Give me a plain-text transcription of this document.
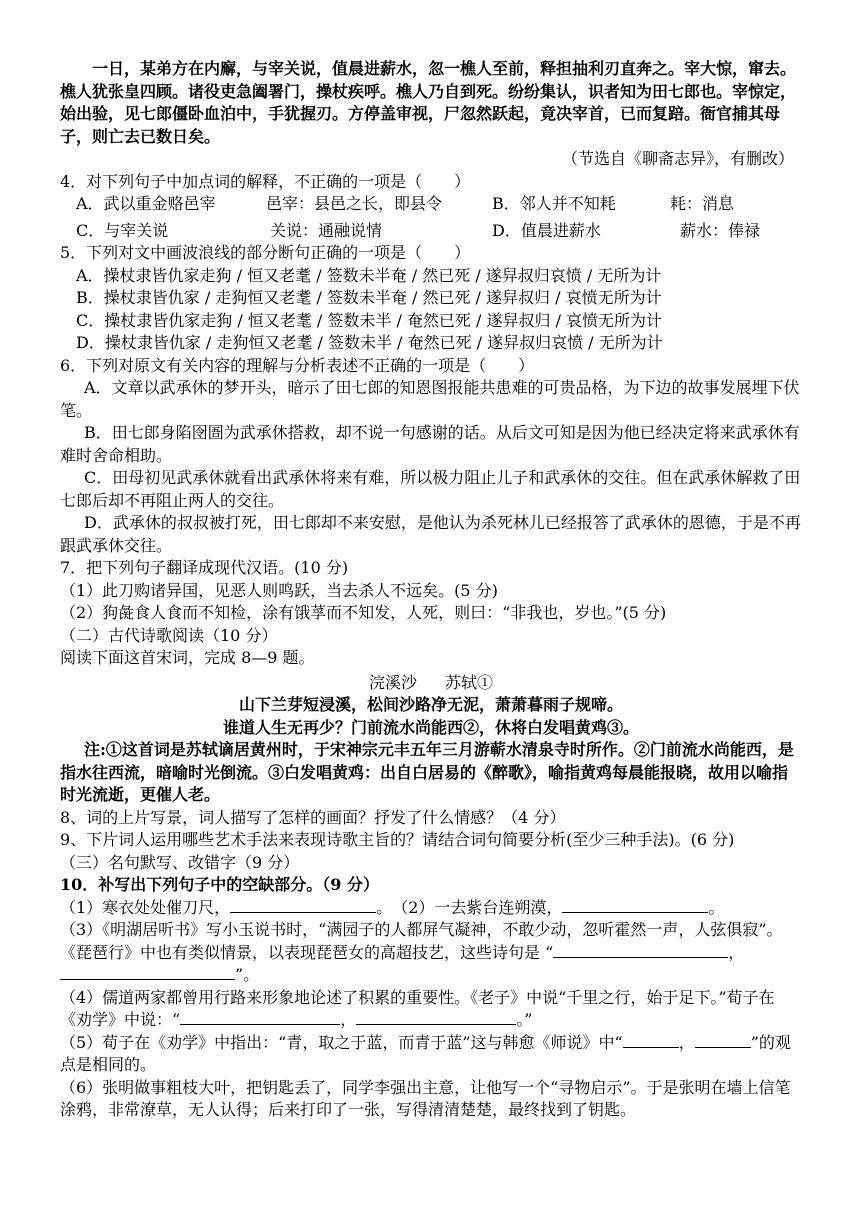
一日，某弟方在内廨，与宰关说，值晨进薪水，忽一樵人至前，释担抽利刃直奔之。宰大惊，窜去。樵人犹张皇四顾。诸役吏急阖署门，操杖疾呼。樵人乃自到死。纷纷集认，识者知为田七郎也。宰惊定，始出验，见七郎僵卧血泊中，手犹握刃。方停盖审视，尸忽然跃起，竟决宰首，已而复踣。衙官捕其母子，则亡去已数日矣。

（节选自《聊斋志异》，有删改）

4．对下列句子中加点词的解释，不正确的一项是（　　）

A．武以重金赂邑宰	邑宰：县邑之长，即县令	B．邻人并不知耗	耗：消息
C．与宰关说	关说：通融说情	D．值晨进薪水	薪水：俸禄

5．下列对文中画波浪线的部分断句正确的一项是（　　）

A．操杖隶皆仇家走狗 / 恒又老耄 / 签数未半奄 / 然已死 / 遂舁叔归哀愤 / 无所为计

B．操杖隶皆仇家 / 走狗恒又老耄 / 签数未半奄 / 然已死 / 遂舁叔归 / 哀愤无所为计

C．操杖隶皆仇家走狗 / 恒又老耄 / 签数未半 / 奄然已死 / 遂舁叔归 / 哀愤无所为计

D．操杖隶皆仇家 / 走狗恒又老耄 / 签数未半 / 奄然已死 / 遂舁叔归哀愤 / 无所为计

6．下列对原文有关内容的理解与分析表述不正确的一项是（　　）

A．文章以武承休的梦开头，暗示了田七郎的知恩图报能共患难的可贵品格，为下边的故事发展埋下伏笔。

B．田七郎身陷囹圄为武承休搭救，却不说一句感谢的话。从后文可知是因为他已经决定将来武承休有难时舍命相助。

C．田母初见武承休就看出武承休将来有难，所以极力阻止儿子和武承休的交往。但在武承休解救了田七郎后却不再阻止两人的交往。

D．武承休的叔叔被打死，田七郎却不来安慰，是他认为杀死林儿已经报答了武承休的恩德，于是不再跟武承休交往。

7．把下列句子翻译成现代汉语。(10 分)

（1）此刀购诸异国，见恶人则鸣跃，当去杀人不远矣。(5 分)

（2）狗彘食人食而不知检，涂有饿莩而不知发，人死，则曰：“非我也，岁也。”(5 分)

（二）古代诗歌阅读（10 分）

阅读下面这首宋词，完成 8—9 题。

浣溪沙 苏轼①

山下兰芽短浸溪，松间沙路净无泥，萧萧暮雨子规啼。

谁道人生无再少？门前流水尚能西②，休将白发唱黄鸡③。

注:①这首词是苏轼谪居黄州时，于宋神宗元丰五年三月游蕲水清泉寺时所作。②门前流水尚能西，是指水往西流，暗喻时光倒流。③白发唱黄鸡：出自白居易的《醉歌》，喻指黄鸡每晨能报晓，故用以喻指时光流逝，更催人老。

8、词的上片写景，词人描写了怎样的画面？抒发了什么情感？（4 分）

9、下片词人运用哪些艺术手法来表现诗歌主旨的？请结合词句简要分析(至少三种手法)。(6 分)

（三）名句默写、改错字（9 分）

10．补写出下列句子中的空缺部分。（9 分）

（1）寒衣处处催刀尺，	。　（2）一去紫台连朔漠，	。

（3）《明湖居听书》写小玉说书时，“满园子的人都屏气凝神，不敢少动，忽听霍然一声，人弦俱寂”。《琵琶行》中也有类似情景，以表现琵琶女的高超技艺，这些诗句是 “	，”。

（4）儒道两家都曾用行路来形象地论述了积累的重要性。《老子》中说“千里之行，始于足下。”荀子在《劝学》中说：“	，	。”

（5）荀子在《劝学》中指出：“青，取之于蓝，而青于蓝”这与韩愈《师说》中“	，	”的观点是相同的。

（6）张明做事粗枝大叶，把钥匙丢了，同学李强出主意，让他写一个“寻物启示”。于是张明在墙上信笔涂鸦，非常潦草，无人认得；后来打印了一张，写得清清楚楚，最终找到了钥匙。
